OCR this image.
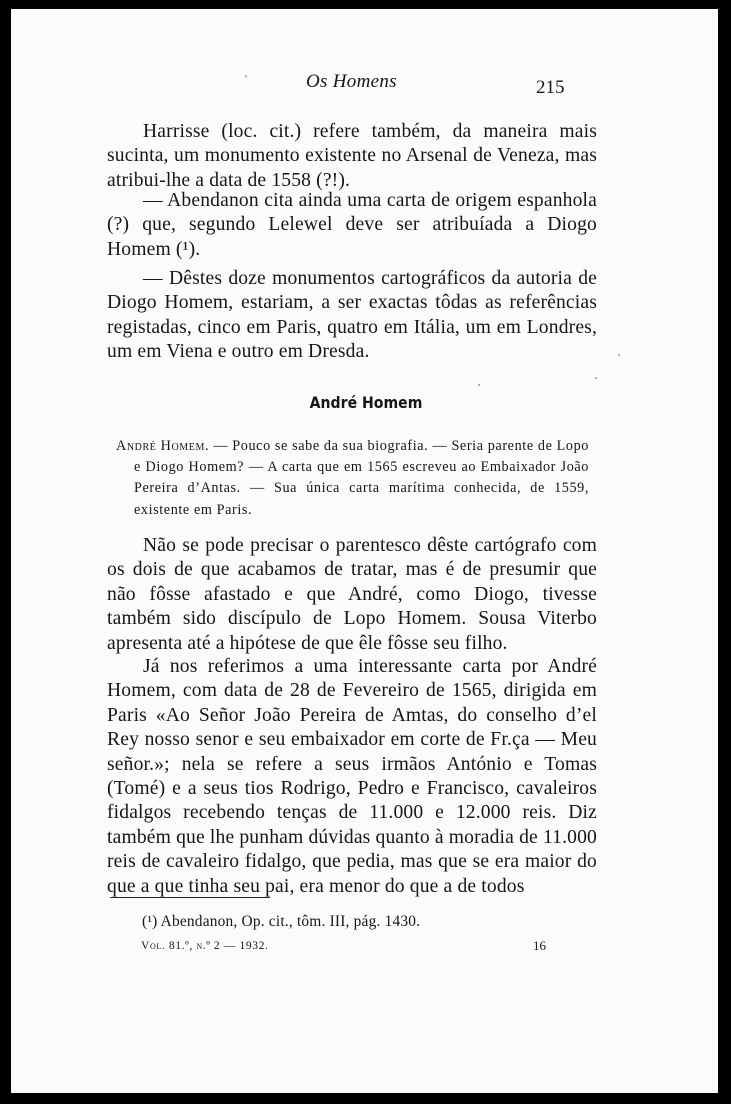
`	Os Homens	215

Harrisse (loc. cit.) refere também, da maneira mais sucinta, um monumento existente no Arsenal de Veneza, mas atribui-lhe a data de 1558 (?!).

— Abendanon cita ainda uma carta de origem espanhola (?) que, segundo Lelewel deve ser atribuíada a Diogo Homem (¹).

— Dêstes doze monumentos cartográficos da autoria de Diogo Homem, estariam, a ser exactas tôdas as referências registadas, cinco em Paris, quatro em Itália, um em Londres, um em Viena e outro em Dresda.

André Homem

André Homem. — Pouco se sabe da sua biografia. — Seria parente de Lopo e Diogo Homem? — A carta que em 1565 escreveu ao Embaixador João Pereira d’Antas. — Sua única carta marítima conhecida, de 1559, existente em Paris.

Não se pode precisar o parentesco dêste cartógrafo com os dois de que acabamos de tratar, mas é de presumir que não fôsse afastado e que André, como Diogo, tivesse também sido discípulo de Lopo Homem. Sousa Viterbo apresenta até a hipótese de que êle fôsse seu filho.

Já nos referimos a uma interessante carta por André Homem, com data de 28 de Fevereiro de 1565, dirigida em Paris «Ao Señor João Pereira de Amtas, do conselho d’el Rey nosso senor e seu embaixador em corte de Fr.ça — Meu señor.»; nela se refere a seus irmãos António e Tomas (Tomé) e a seus tios Rodrigo, Pedro e Francisco, cavaleiros fidalgos recebendo tenças de 11.000 e 12.000 reis. Diz também que lhe punham dúvidas quanto à moradia de 11.000 reis de cavaleiro fidalgo, que pedia, mas que se era maior do que a que tinha seu pai, era menor do que a de todos

(¹) Abendanon, Op. cit., tôm. III, pág. 1430.
Vol. 81.º, n.º 2 — 1932.	16
